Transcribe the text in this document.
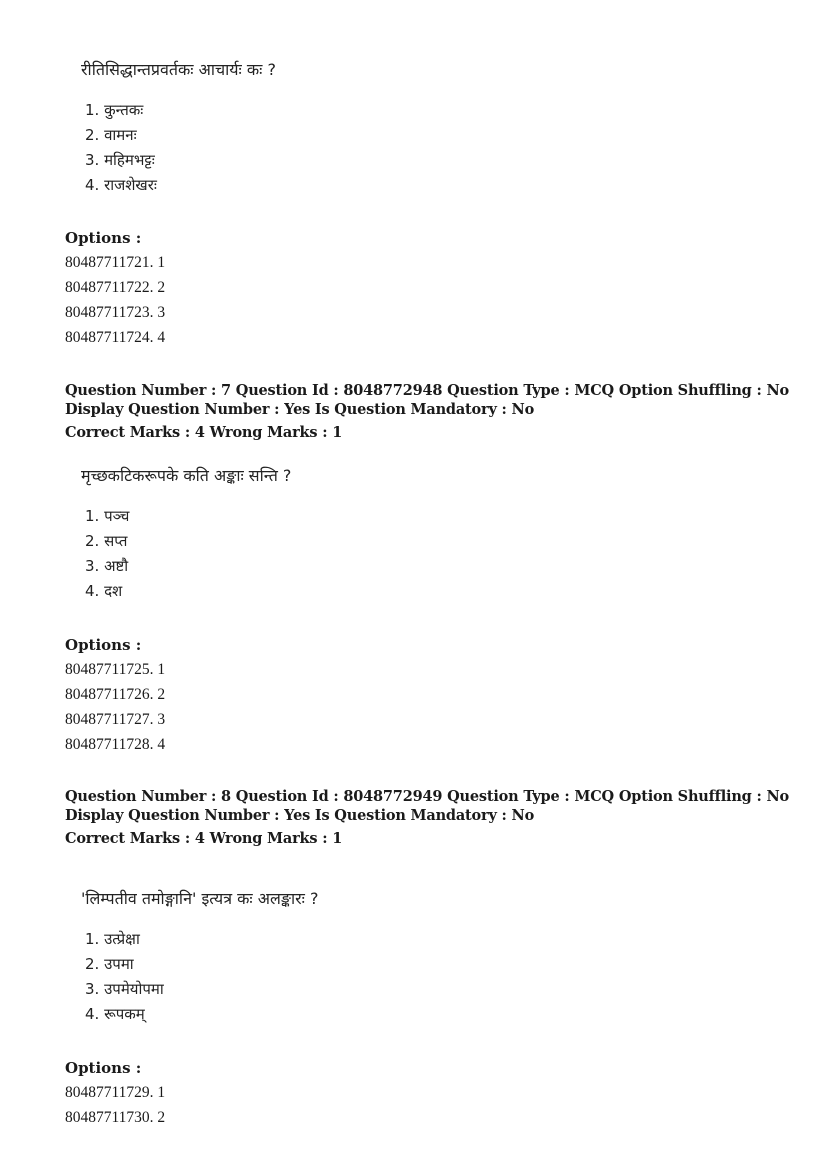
रीतिसिद्धान्तप्रवर्तकः आचार्यः कः ?
1. कुन्तकः
2. वामनः
3. महिमभट्टः
4. राजशेखरः
Options :
80487711721. 1
80487711722. 2
80487711723. 3
80487711724. 4
Question Number : 7 Question Id : 8048772948 Question Type : MCQ Option Shuffling : No
Display Question Number : Yes Is Question Mandatory : No
Correct Marks : 4 Wrong Marks : 1
मृच्छकटिकरूपके कति अङ्काः सन्ति ?
1. पञ्च
2. सप्त
3. अष्टौ
4. दश
Options :
80487711725. 1
80487711726. 2
80487711727. 3
80487711728. 4
Question Number : 8 Question Id : 8048772949 Question Type : MCQ Option Shuffling : No
Display Question Number : Yes Is Question Mandatory : No
Correct Marks : 4 Wrong Marks : 1
'लिम्पतीव तमोङ्गानि' इत्यत्र कः अलङ्कारः ?
1. उत्प्रेक्षा
2. उपमा
3. उपमेयोपमा
4. रूपकम्
Options :
80487711729. 1
80487711730. 2
